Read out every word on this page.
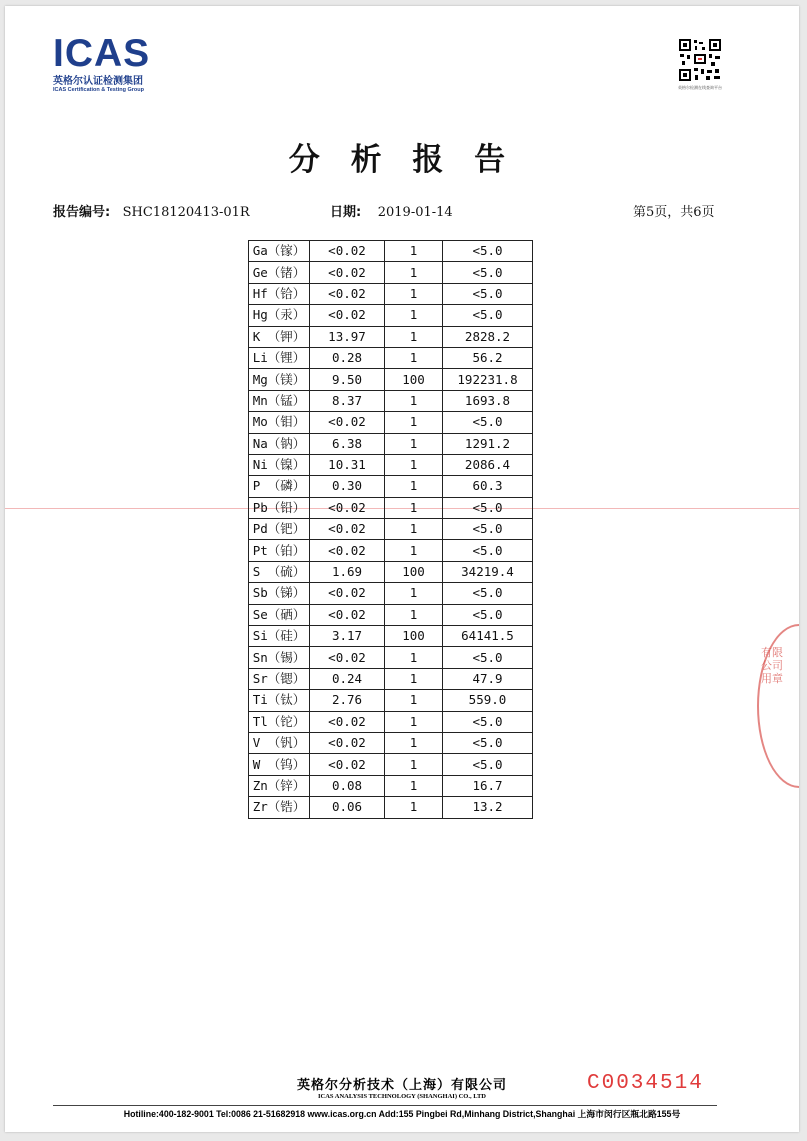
ICAS
英格尔认证检测集团
ICAS Certification & Testing Group	英格尔检测在线查询平台
分 析 报 告
报告编号: SHC18120413-01R	日期: 2019-01-14	第5页，共6页
Ga（镓）	<0.02	1	<5.0
Ge（锗）	<0.02	1	<5.0
Hf（铪）	<0.02	1	<5.0
Hg（汞）	<0.02	1	<5.0
K （钾）	13.97	1	2828.2
Li（锂）	0.28	1	56.2
Mg（镁）	9.50	100	192231.8
Mn（锰）	8.37	1	1693.8
Mo（钼）	<0.02	1	<5.0
Na（钠）	6.38	1	1291.2
Ni（镍）	10.31	1	2086.4
P （磷）	0.30	1	60.3
Pb（铅）	<0.02	1	<5.0
Pd（钯）	<0.02	1	<5.0
Pt（铂）	<0.02	1	<5.0
S （硫）	1.69	100	34219.4
Sb（锑）	<0.02	1	<5.0
Se（硒）	<0.02	1	<5.0
Si（硅）	3.17	100	64141.5
Sn（锡）	<0.02	1	<5.0
Sr（锶）	0.24	1	47.9
Ti（钛）	2.76	1	559.0
Tl（铊）	<0.02	1	<5.0
V （钒）	<0.02	1	<5.0
W （钨）	<0.02	1	<5.0
Zn（锌）	0.08	1	16.7
Zr（锆）	0.06	1	13.2
有限公司用章
英格尔分析技术（上海）有限公司
ICAS ANALYSIS TECHNOLOGY (SHANGHAI) CO., LTD
C0034514
Hotiline:400-182-9001 Tel:0086 21-51682918 www.icas.org.cn Add:155 Pingbei Rd,Minhang District,Shanghai 上海市闵行区瓶北路155号
